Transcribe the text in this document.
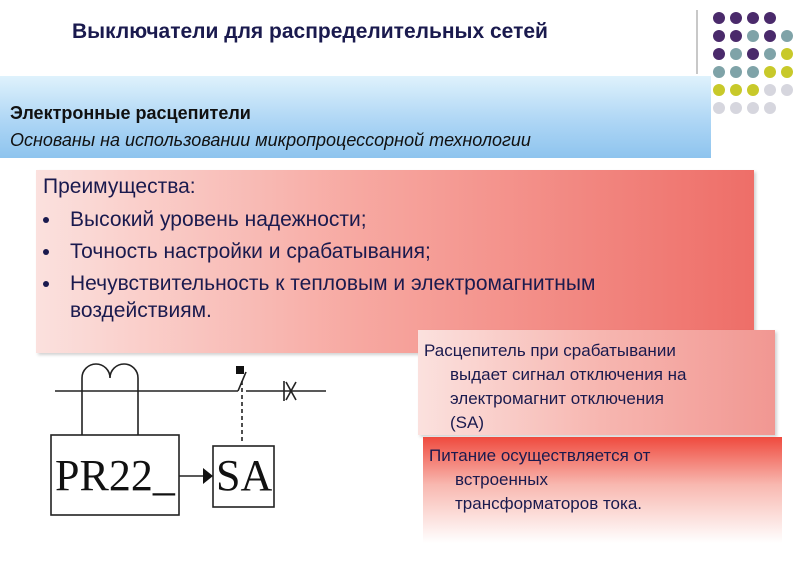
Выключатели для распределительных сетей
Электронные расцепители
Основаны на использовании микропроцессорной технологии
Преимущества:
Высокий уровень надежности;
Точность настройки и срабатывания;
Нечувствительность к тепловым и электромагнитным воздействиям.
Расцепитель при срабатывании
выдает сигнал отключения на
электромагнит отключения
(SA)
Питание осуществляется от
встроенных
трансформаторов тока.
PR22_ SA
